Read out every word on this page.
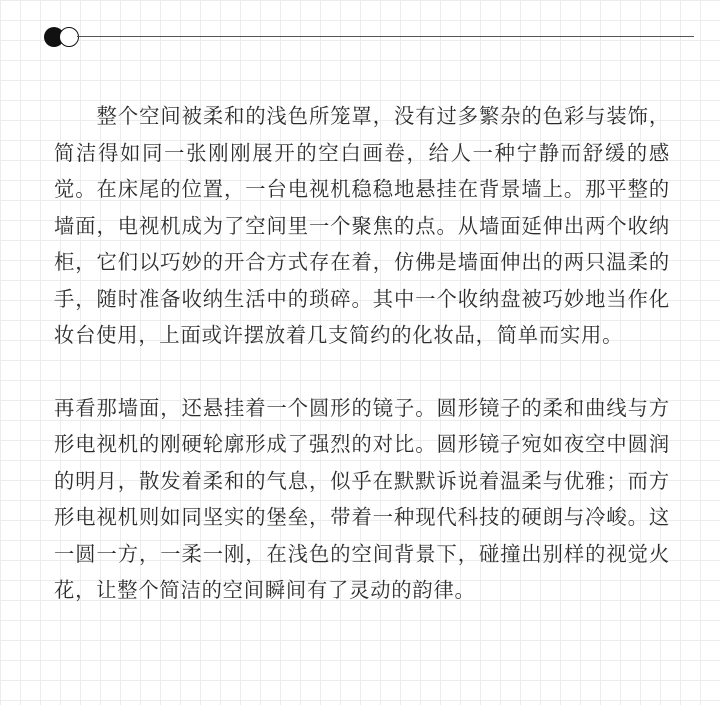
整个空间被柔和的浅色所笼罩，没有过多繁杂的色彩与装饰，简洁得如同一张刚刚展开的空白画卷，给人一种宁静而舒缓的感觉。在床尾的位置，一台电视机稳稳地悬挂在背景墙上。那平整的墙面，电视机成为了空间里一个聚焦的点。从墙面延伸出两个收纳柜，它们以巧妙的开合方式存在着，仿佛是墙面伸出的两只温柔的手，随时准备收纳生活中的琐碎。其中一个收纳盘被巧妙地当作化妆台使用，上面或许摆放着几支简约的化妆品，简单而实用。

再看那墙面，还悬挂着一个圆形的镜子。圆形镜子的柔和曲线与方形电视机的刚硬轮廓形成了强烈的对比。圆形镜子宛如夜空中圆润的明月，散发着柔和的气息，似乎在默默诉说着温柔与优雅；而方形电视机则如同坚实的堡垒，带着一种现代科技的硬朗与冷峻。这一圆一方，一柔一刚，在浅色的空间背景下，碰撞出别样的视觉火花，让整个简洁的空间瞬间有了灵动的韵律。
